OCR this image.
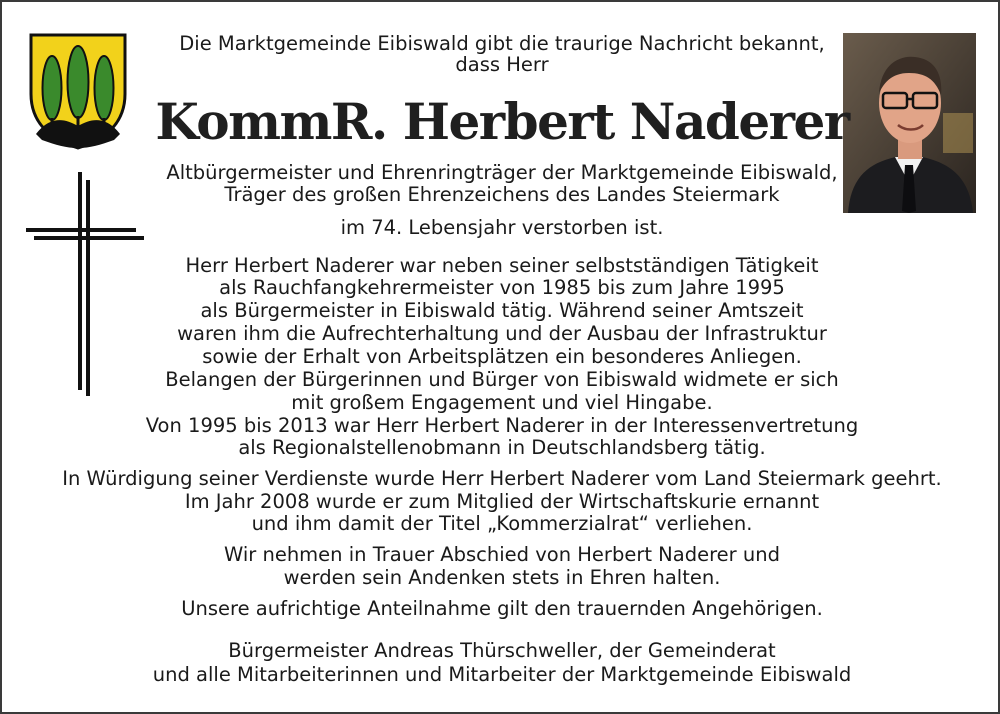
Die Marktgemeinde Eibiswald gibt die traurige Nachricht bekannt,
dass Herr
KommR. Herbert Naderer
Altbürgermeister und Ehrenringträger der Marktgemeinde Eibiswald,
Träger des großen Ehrenzeichens des Landes Steiermark
im 74. Lebensjahr verstorben ist.
Herr Herbert Naderer war neben seiner selbstständigen Tätigkeit
als Rauchfangkehrermeister von 1985 bis zum Jahre 1995
als Bürgermeister in Eibiswald tätig. Während seiner Amtszeit
waren ihm die Aufrechterhaltung und der Ausbau der Infrastruktur
sowie der Erhalt von Arbeitsplätzen ein besonderes Anliegen.
Belangen der Bürgerinnen und Bürger von Eibiswald widmete er sich
mit großem Engagement und viel Hingabe.
Von 1995 bis 2013 war Herr Herbert Naderer in der Interessenvertretung
als Regionalstellenobmann in Deutschlandsberg tätig.
In Würdigung seiner Verdienste wurde Herr Herbert Naderer vom Land Steiermark geehrt.
Im Jahr 2008 wurde er zum Mitglied der Wirtschaftskurie ernannt
und ihm damit der Titel „Kommerzialrat“ verliehen.
Wir nehmen in Trauer Abschied von Herbert Naderer und
werden sein Andenken stets in Ehren halten.
Unsere aufrichtige Anteilnahme gilt den trauernden Angehörigen.
Bürgermeister Andreas Thürschweller, der Gemeinderat
und alle Mitarbeiterinnen und Mitarbeiter der Marktgemeinde Eibiswald
